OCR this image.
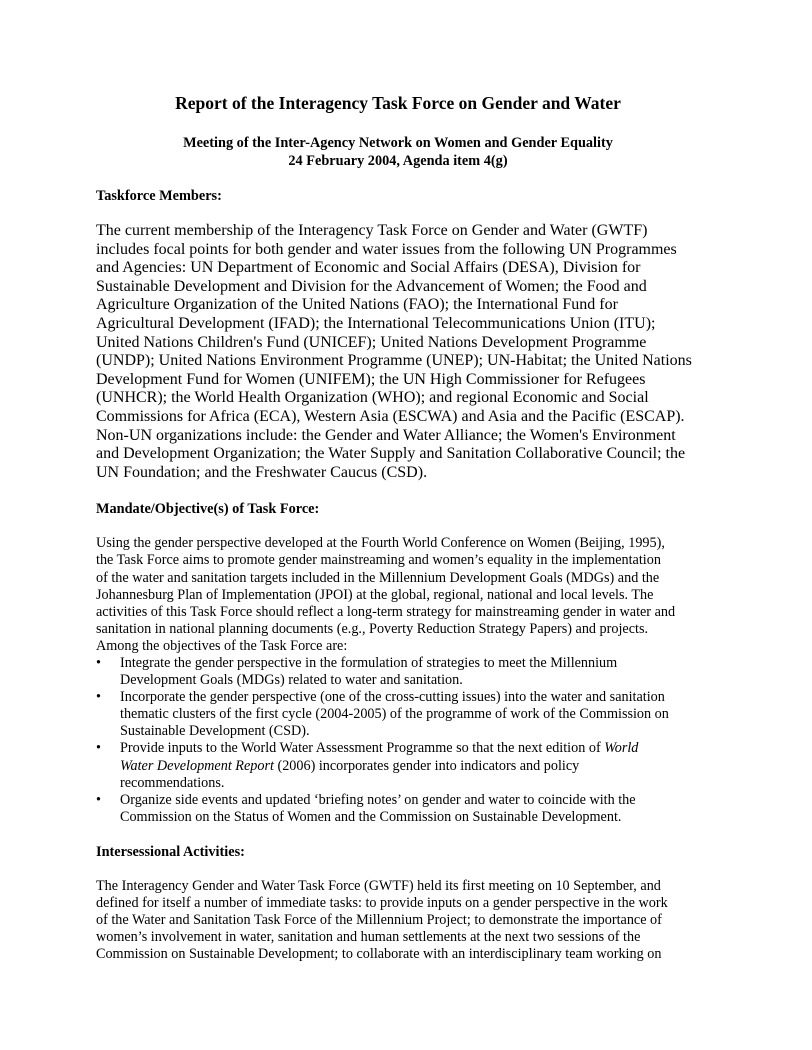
Report of the Interagency Task Force on Gender and Water
Meeting of the Inter-Agency Network on Women and Gender Equality
24 February 2004, Agenda item 4(g)
Taskforce Members:
The current membership of the Interagency Task Force on Gender and Water (GWTF)
includes focal points for both gender and water issues from the following UN Programmes
and Agencies: UN Department of Economic and Social Affairs (DESA), Division for
Sustainable Development and Division for the Advancement of Women; the Food and
Agriculture Organization of the United Nations (FAO); the International Fund for
Agricultural Development (IFAD); the International Telecommunications Union (ITU);
United Nations Children's Fund (UNICEF); United Nations Development Programme
(UNDP); United Nations Environment Programme (UNEP); UN-Habitat; the United Nations
Development Fund for Women (UNIFEM); the UN High Commissioner for Refugees
(UNHCR); the World Health Organization (WHO); and regional Economic and Social
Commissions for Africa (ECA), Western Asia (ESCWA) and Asia and the Pacific (ESCAP).
Non-UN organizations include: the Gender and Water Alliance; the Women's Environment
and Development Organization; the Water Supply and Sanitation Collaborative Council; the
UN Foundation; and the Freshwater Caucus (CSD).
Mandate/Objective(s) of Task Force:
Using the gender perspective developed at the Fourth World Conference on Women (Beijing, 1995),
the Task Force aims to promote gender mainstreaming and women’s equality in the implementation
of the water and sanitation targets included in the Millennium Development Goals (MDGs) and the
Johannesburg Plan of Implementation (JPOI) at the global, regional, national and local levels. The
activities of this Task Force should reflect a long-term strategy for mainstreaming gender in water and
sanitation in national planning documents (e.g., Poverty Reduction Strategy Papers) and projects.
Among the objectives of the Task Force are:
•	Integrate the gender perspective in the formulation of strategies to meet the Millennium
Development Goals (MDGs) related to water and sanitation.
•	Incorporate the gender perspective (one of the cross-cutting issues) into the water and sanitation
thematic clusters of the first cycle (2004-2005) of the programme of work of the Commission on
Sustainable Development (CSD).
•	Provide inputs to the World Water Assessment Programme so that the next edition of World
Water Development Report (2006) incorporates gender into indicators and policy
recommendations.
•	Organize side events and updated ‘briefing notes’ on gender and water to coincide with the
Commission on the Status of Women and the Commission on Sustainable Development.
Intersessional Activities:
The Interagency Gender and Water Task Force (GWTF) held its first meeting on 10 September, and
defined for itself a number of immediate tasks: to provide inputs on a gender perspective in the work
of the Water and Sanitation Task Force of the Millennium Project; to demonstrate the importance of
women’s involvement in water, sanitation and human settlements at the next two sessions of the
Commission on Sustainable Development; to collaborate with an interdisciplinary team working on
